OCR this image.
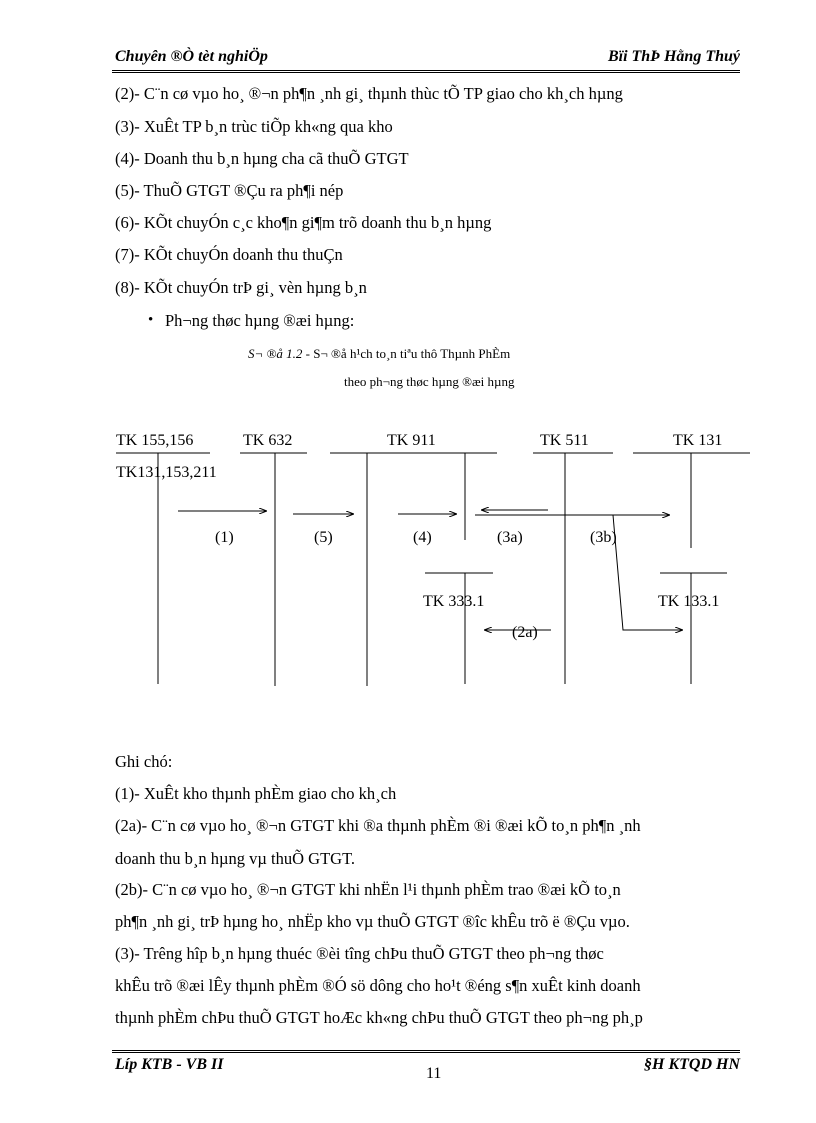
Chuyên ®Ò tèt nghiÖp	Bïi ThÞ Hằng Thuý
(2)- C¨n cø vµo ho¸ ®¬n ph¶n ¸nh gi¸ thµnh thùc tÕ TP giao cho kh¸ch hµng
(3)- XuÊt TP b¸n trùc tiÕp kh«ng qua kho
(4)- Doanh thu b¸n hµng cha cã thuÕ GTGT
(5)- ThuÕ GTGT ®Çu ra ph¶i nép
(6)- KÕt chuyÓn c¸c kho¶n gi¶m trõ doanh thu b¸n hµng
(7)- KÕt chuyÓn doanh thu thuÇn
(8)- KÕt chuyÓn trÞ gi¸ vèn hµng b¸n
• Ph¬ng thøc hµng ®æi hµng:
S¬ ®å 1.2 - S¬ ®å h¹ch to¸n tiªu thô Thµnh PhÈm
theo ph¬ng thøc hµng ®æi hµng
TK 155,156
TK131,153,211
TK 632	TK 911	TK 511	TK 131
TK 333.1	TK 133.1
(1)	(5)	(4)	(3a)	(3b)
(2a)
Ghi chó:
(1)- XuÊt kho thµnh phÈm giao cho kh¸ch
(2a)- C¨n cø vµo ho¸ ®¬n GTGT khi ®a thµnh phÈm ®i ®æi kÕ to¸n ph¶n ¸nh
doanh thu b¸n hµng vµ thuÕ GTGT.
(2b)- C¨n cø vµo ho¸ ®¬n GTGT khi nhËn l¹i thµnh phÈm trao ®æi kÕ to¸n
ph¶n ¸nh gi¸ trÞ hµng ho¸ nhËp kho vµ thuÕ GTGT ®îc khÊu trõ ë ®Çu vµo.
(3)- Trêng hîp b¸n hµng thuéc ®èi tîng chÞu thuÕ GTGT theo ph¬ng thøc
khÊu trõ ®æi lÊy thµnh phÈm ®Ó sö dông cho ho¹t ®éng s¶n xuÊt kinh doanh
thµnh phÈm chÞu thuÕ GTGT hoÆc kh«ng chÞu thuÕ GTGT theo ph¬ng ph¸p
Líp KTB - VB II
11
§H KTQD HN
